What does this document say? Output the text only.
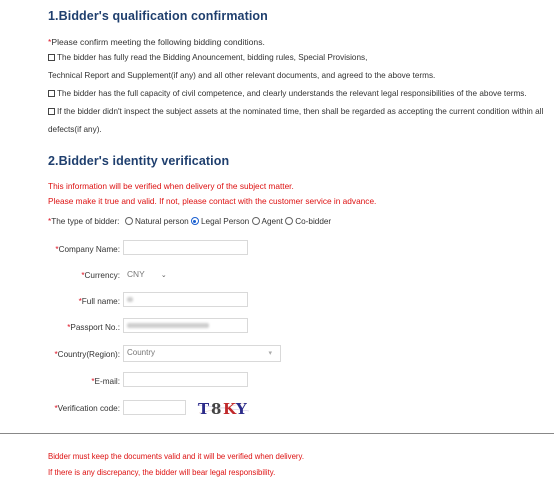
1.Bidder's qualification confirmation
*Please confirm meeting the following bidding conditions.
The bidder has fully read the Bidding Anouncement, bidding rules, Special Provisions,
Technical Report and Supplement(if any) and all other relevant documents, and agreed to the above terms.
The bidder has the full capacity of civil competence, and clearly understands the relevant legal responsibilities of the above terms.
If the bidder didn't inspect the subject assets at the nominated time, then shall be regarded as accepting the current condition within all
defects(if any).
2.Bidder's identity verification
This information will be verified when delivery of the subject matter.
Please make it true and valid. If not, please contact with the customer service in advance.
*The type of bidder:	Natural person Legal Person Agent Co-bidder
*Company Name:
*Currency: CNY ⌄
*Full name:
*Passport No.:
*Country(Region): Country	▾
*E-mail:
*Verification code:	T 8 K Y
Bidder must keep the documents valid and it will be verified when delivery.
If there is any discrepancy, the bidder will bear legal responsibility.
